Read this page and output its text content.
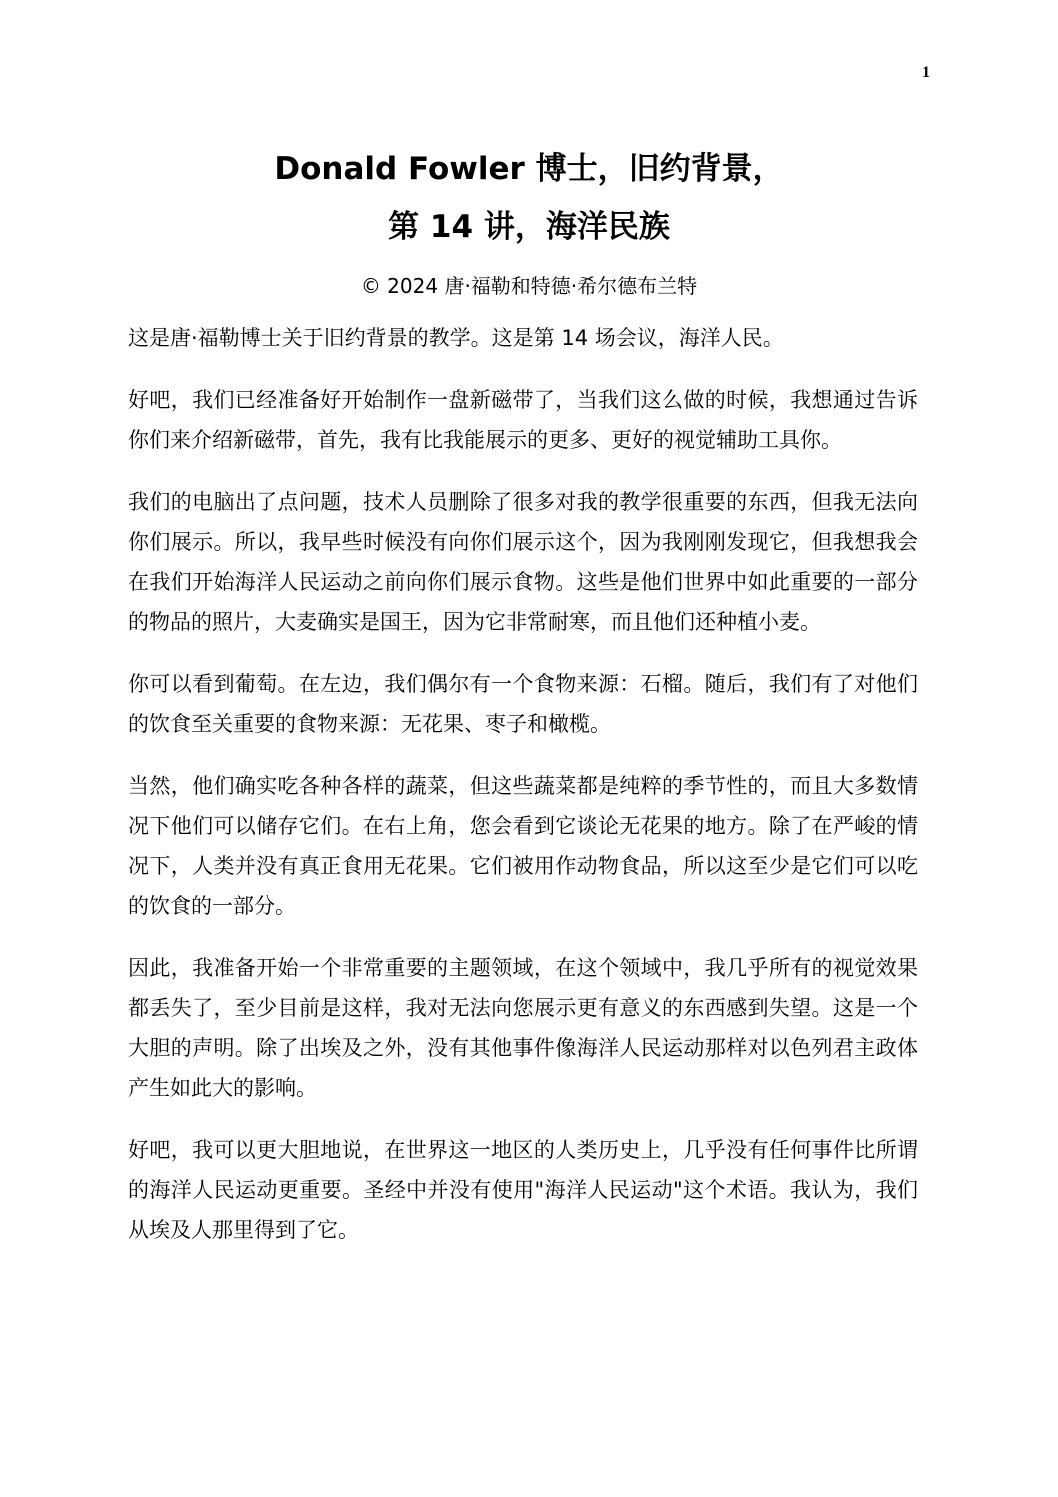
1

Donald Fowler 博士，旧约背景，

第 14 讲，海洋民族

© 2024 唐·福勒和特德·希尔德布兰特

这是唐·福勒博士关于旧约背景的教学。这是第 14 场会议，海洋人民。

好吧，我们已经准备好开始制作一盘新磁带了，当我们这么做的时候，我想通过告诉你们来介绍新磁带，首先，我有比我能展示的更多、更好的视觉辅助工具你。

我们的电脑出了点问题，技术人员删除了很多对我的教学很重要的东西，但我无法向你们展示。所以，我早些时候没有向你们展示这个，因为我刚刚发现它，但我想我会在我们开始海洋人民运动之前向你们展示食物。这些是他们世界中如此重要的一部分的物品的照片，大麦确实是国王，因为它非常耐寒，而且他们还种植小麦。

你可以看到葡萄。在左边，我们偶尔有一个食物来源：石榴。随后，我们有了对他们的饮食至关重要的食物来源：无花果、枣子和橄榄。

当然，他们确实吃各种各样的蔬菜，但这些蔬菜都是纯粹的季节性的，而且大多数情况下他们可以储存它们。在右上角，您会看到它谈论无花果的地方。除了在严峻的情况下，人类并没有真正食用无花果。它们被用作动物食品，所以这至少是它们可以吃的饮食的一部分。

因此，我准备开始一个非常重要的主题领域，在这个领域中，我几乎所有的视觉效果都丢失了，至少目前是这样，我对无法向您展示更有意义的东西感到失望。这是一个大胆的声明。除了出埃及之外，没有其他事件像海洋人民运动那样对以色列君主政体产生如此大的影响。

好吧，我可以更大胆地说，在世界这一地区的人类历史上，几乎没有任何事件比所谓的海洋人民运动更重要。圣经中并没有使用"海洋人民运动"这个术语。我认为，我们从埃及人那里得到了它。
